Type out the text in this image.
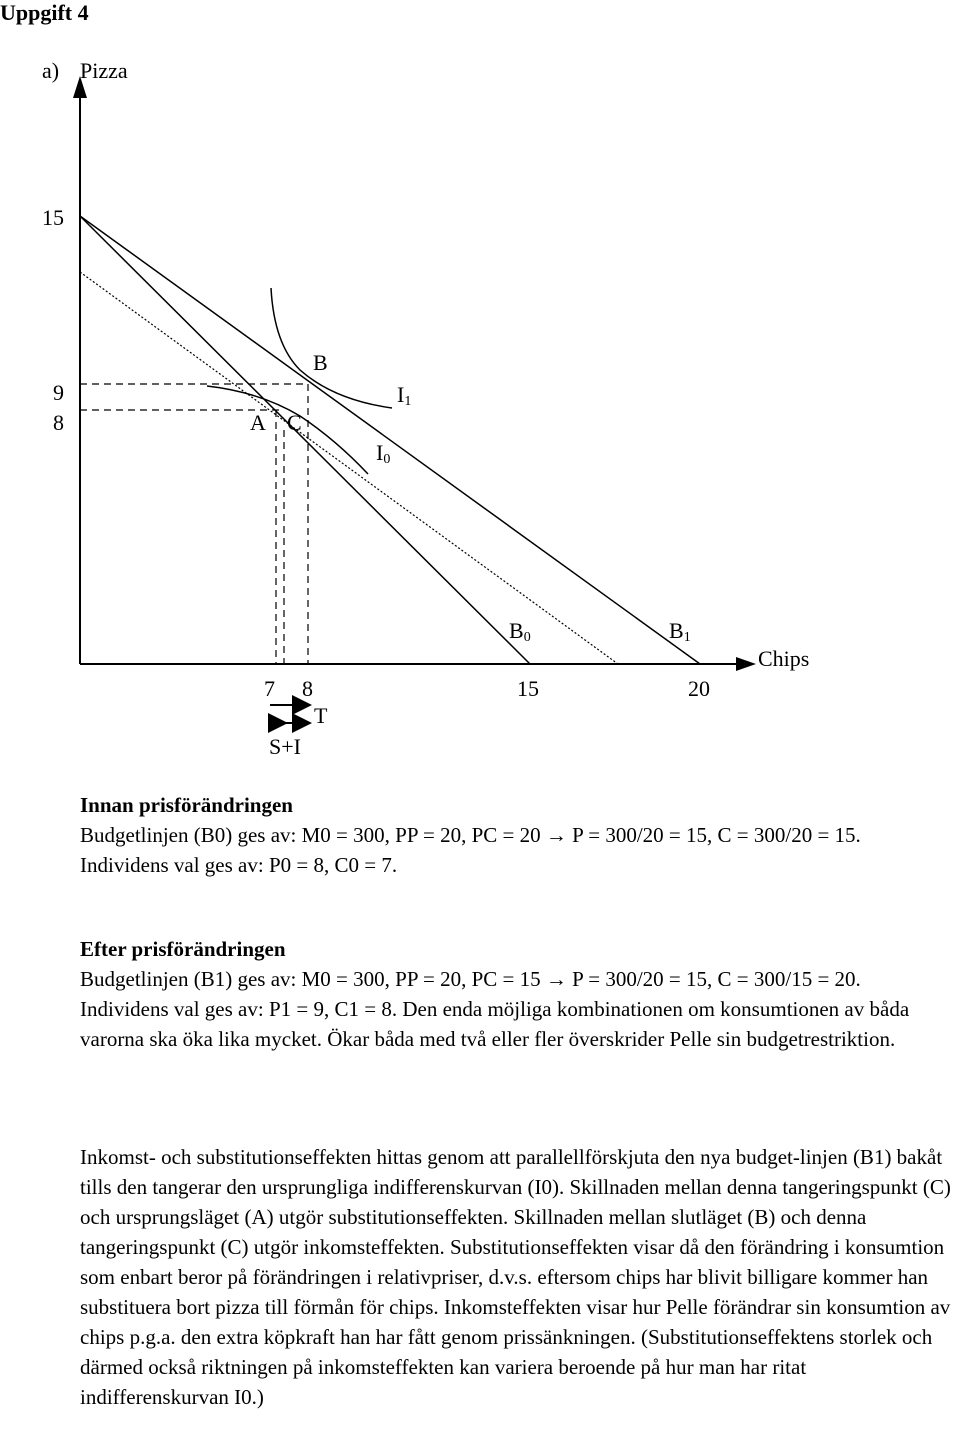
Uppgift 4
a) Pizza
Chips
15
9
8
7 8	15	20
T
S+I
B
A C
$I_1$
$I_0$
$B_0$	$B_1$

Innan prisförändringen

Budgetlinjen (B0) ges av: M0 = 300, PP = 20, PC = 20 → P = 300/20 = 15, C = 300/20 = 15.

Individens val ges av: P0 = 8, C0 = 7.

Efter prisförändringen

Budgetlinjen (B1) ges av: M0 = 300, PP = 20, PC = 15 → P = 300/20 = 15, C = 300/15 = 20.

Individens val ges av: P1 = 9, C1 = 8. Den enda möjliga kombinationen om konsumtionen av båda varorna ska öka lika mycket. Ökar båda med två eller fler överskrider Pelle sin budgetrestriktion.

Inkomst- och substitutionseffekten hittas genom att parallellförskjuta den nya budget-linjen (B1) bakåt tills den tangerar den ursprungliga indifferenskurvan (I0). Skillnaden mellan denna tangeringspunkt (C) och ursprungsläget (A) utgör substitutionseffekten. Skillnaden mellan slutläget (B) och denna tangeringspunkt (C) utgör inkomsteffekten. Substitutionseffekten visar då den förändring i konsumtion som enbart beror på förändringen i relativpriser, d.v.s. eftersom chips har blivit billigare kommer han substituera bort pizza till förmån för chips. Inkomsteffekten visar hur Pelle förändrar sin konsumtion av chips p.g.a. den extra köpkraft han har fått genom prissänkningen. (Substitutionseffektens storlek och därmed också riktningen på inkomsteffekten kan variera beroende på hur man har ritat indifferenskurvan I0.)
